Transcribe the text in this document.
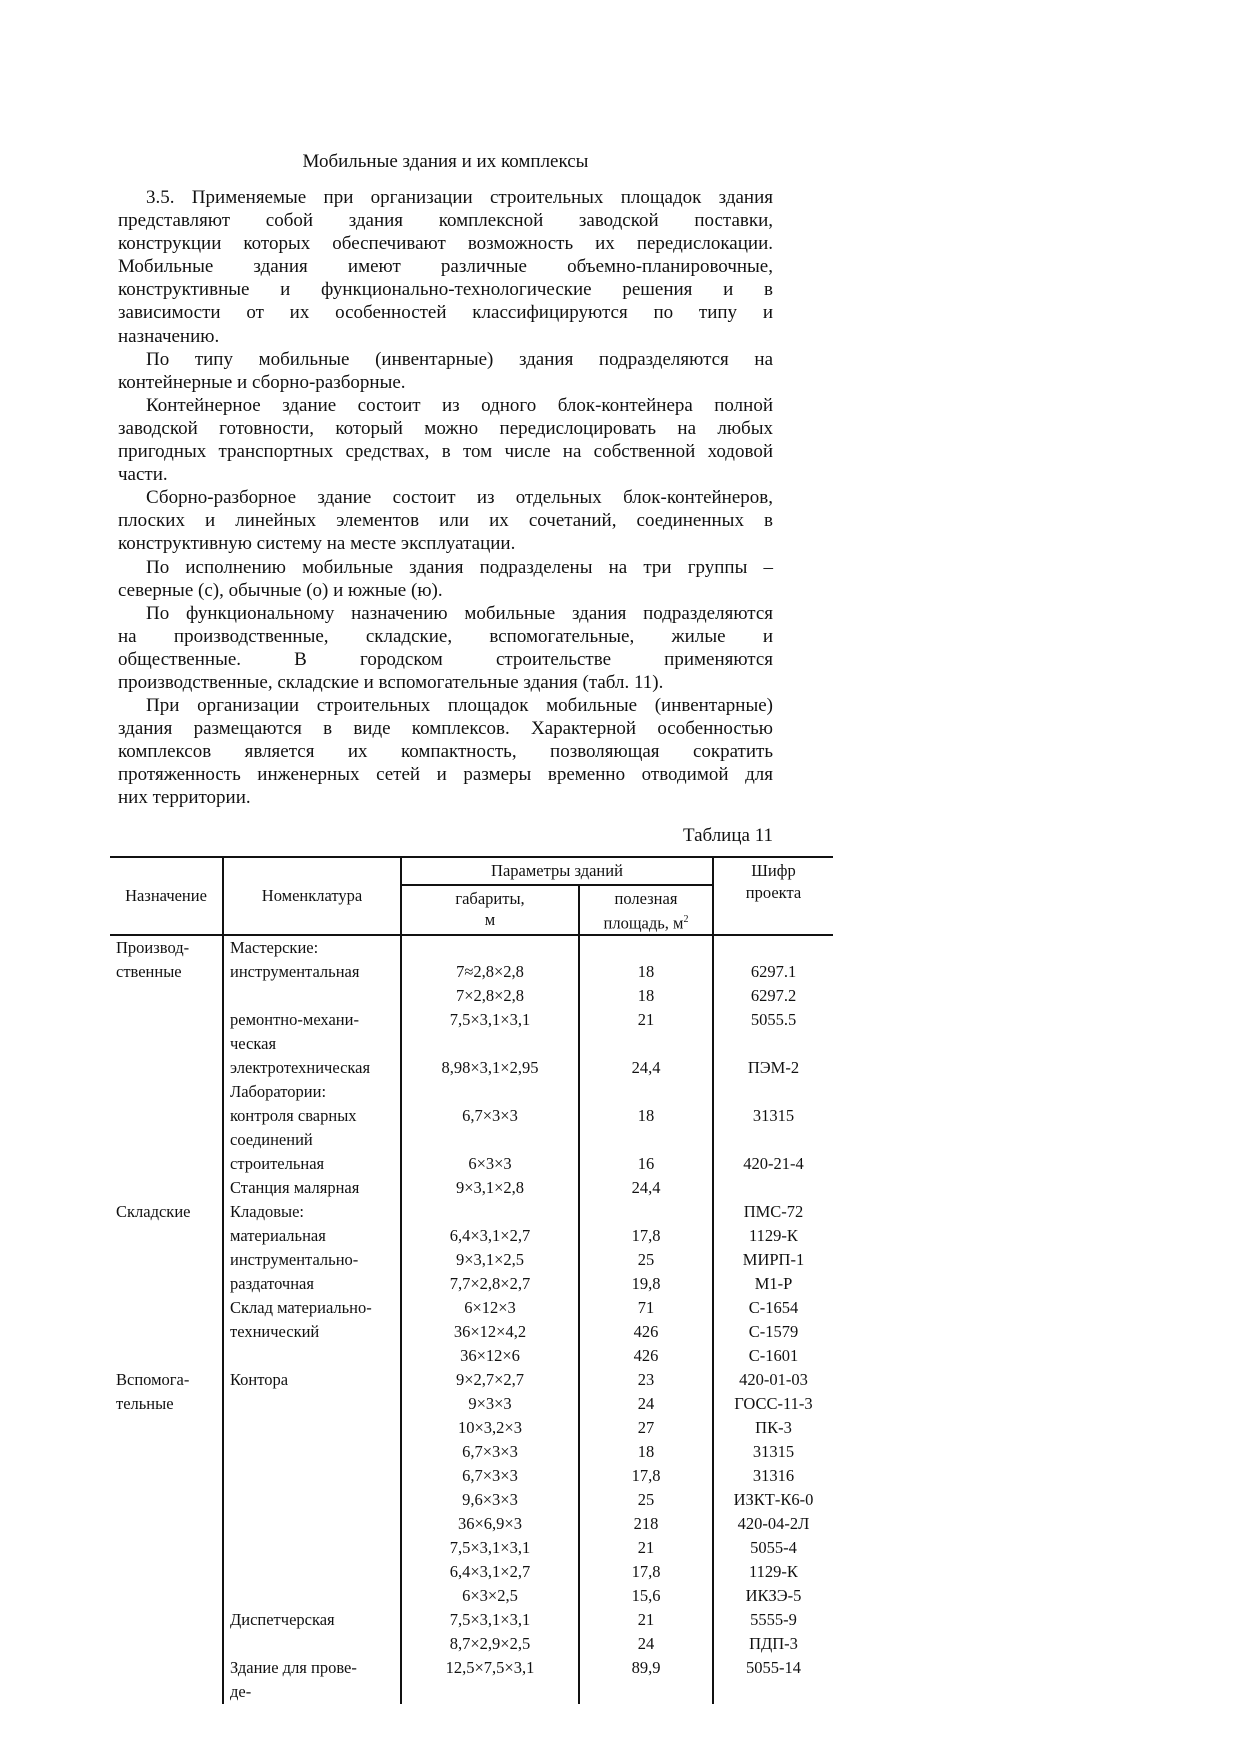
Мобильные здания и их комплексы
3.5. Применяемые при организации строительных площадок здания
представляют собой здания комплексной заводской поставки,
конструкции которых обеспечивают возможность их передислокации.
Мобильные здания имеют различные объемно-планировочные,
конструктивные и функционально-технологические решения и в
зависимости от их особенностей классифицируются по типу и
назначению.
По типу мобильные (инвентарные) здания подразделяются на
контейнерные и сборно-разборные.
Контейнерное здание состоит из одного блок-контейнера полной
заводской готовности, который можно передислоцировать на любых
пригодных транспортных средствах, в том числе на собственной ходовой
части.
Сборно-разборное здание состоит из отдельных блок-контейнеров,
плоских и линейных элементов или их сочетаний, соединенных в
конструктивную систему на месте эксплуатации.
По исполнению мобильные здания подразделены на три группы –
северные (с), обычные (о) и южные (ю).
По функциональному назначению мобильные здания подразделяются
на производственные, складские, вспомогательные, жилые и
общественные. В городском строительстве применяются
производственные, складские и вспомогательные здания (табл. 11).
При организации строительных площадок мобильные (инвентарные)
здания размещаются в виде комплексов. Характерной особенностью
комплексов является их компактность, позволяющая сократить
протяженность инженерных сетей и размеры временно отводимой для
них территории.
Таблица 11
Назначение	Номенклатура	Параметры зданий		Шифр
проекта
		габариты,
м	полезная
площадь, $м^2$
Производ-	Мастерские:			
ственные	инструментальная	7≈2,8×2,8	18	6297.1
		7×2,8×2,8	18	6297.2
	ремонтно-механи-	7,5×3,1×3,1	21	5055.5
	ческая			
	электротехническая	8,98×3,1×2,95	24,4	ПЭМ-2
	Лаборатории:			
	контроля сварных	6,7×3×3	18	31315
	соединений			
	строительная	6×3×3	16	420-21-4
	Станция малярная	9×3,1×2,8	24,4	
Складские	Кладовые:			ПМС-72
	материальная	6,4×3,1×2,7	17,8	1129-К
	инструментально-	9×3,1×2,5	25	МИРП-1
	раздаточная	7,7×2,8×2,7	19,8	М1-Р
	Склад материально-	6×12×3	71	С-1654
	технический	36×12×4,2	426	С-1579
		36×12×6	426	С-1601
Вспомога-	Контора	9×2,7×2,7	23	420-01-03
тельные		9×3×3	24	ГОСС-11-3
		10×3,2×3	27	ПК-3
		6,7×3×3	18	31315
		6,7×3×3	17,8	31316
		9,6×3×3	25	ИЗКТ-К6-0
		36×6,9×3	218	420-04-2Л
		7,5×3,1×3,1	21	5055-4
		6,4×3,1×2,7	17,8	1129-К
		6×3×2,5	15,6	ИКЗЭ-5
	Диспетчерская	7,5×3,1×3,1	21	5555-9
		8,7×2,9×2,5	24	ПДП-3
	Здание для прове-	12,5×7,5×3,1	89,9	5055-14
	де-			
